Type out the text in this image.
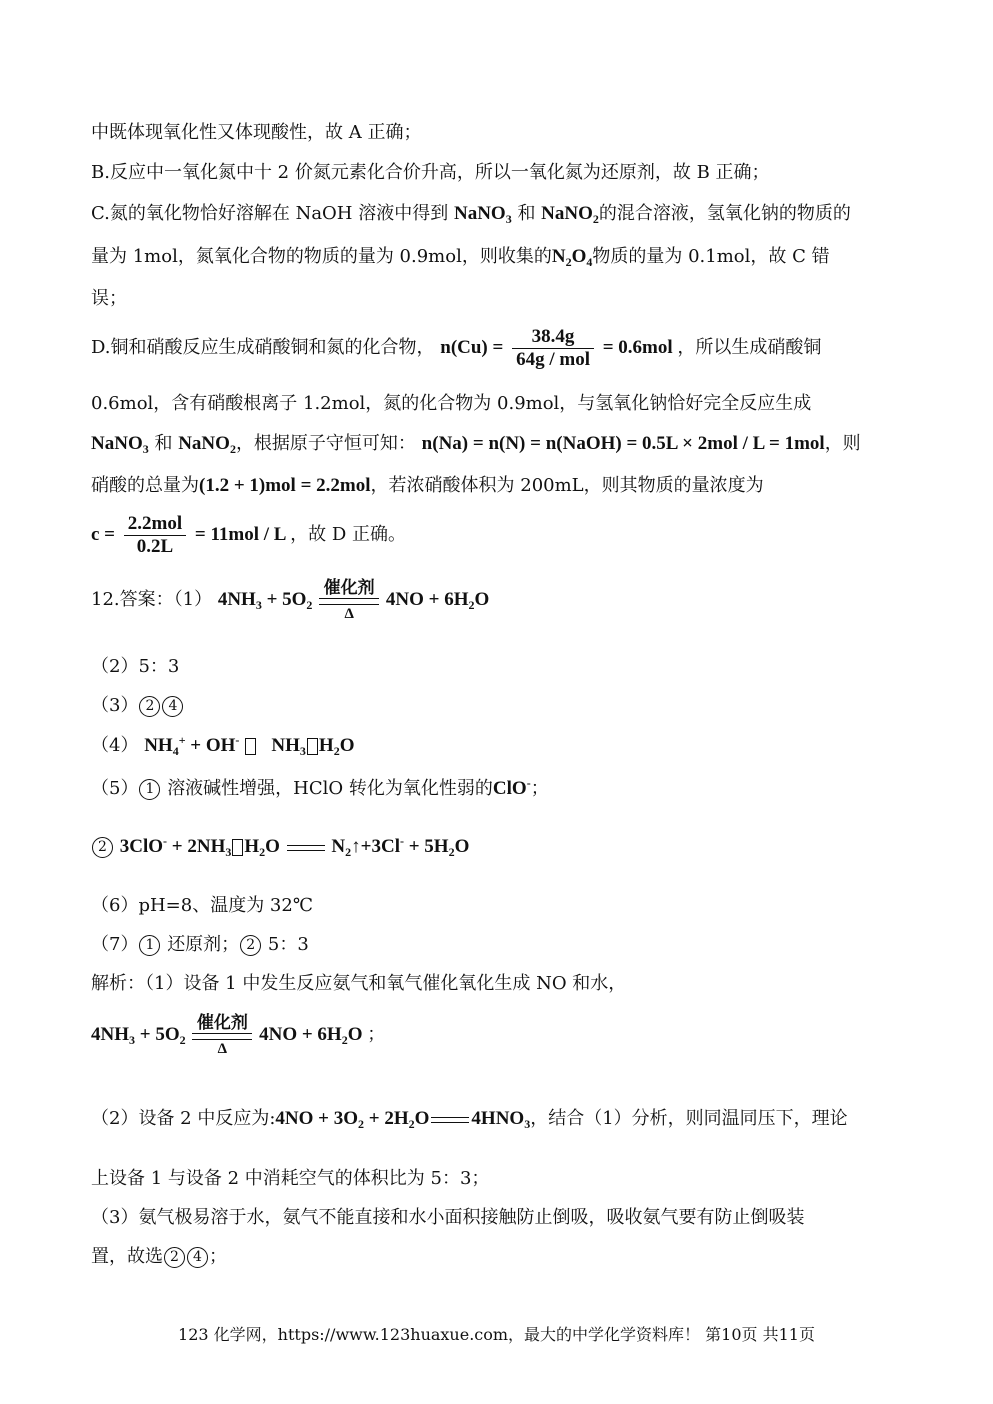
中既体现氧化性又体现酸性，故 A 正确；
B.反应中一氧化氮中十 2 价氮元素化合价升高，所以一氧化氮为还原剂，故 B 正确；
C.氮的氧化物恰好溶解在 NaOH 溶液中得到 NaNO$_3$ 和 NaNO$_2$的混合溶液，氢氧化钠的物质的
量为 1mol，氮氧化合物的物质的量为 0.9mol，则收集的$N_2O_4$物质的量为 0.1mol，故 C 错
误；
D.铜和硝酸反应生成硝酸铜和氮的化合物， $n(Cu) = \frac{38.4g}{\text{64g / mol}} = 0.6mol$ ，所以生成硝酸铜
0.6mol，含有硝酸根离子 1.2mol，氮的化合物为 0.9mol，与氢氧化钠恰好完全反应生成
NaNO$_3$ 和 NaNO$_2$，根据原子守恒可知： n(Na) = n(N) = n(NaOH) = 0.5L × 2mol / L = 1mol，则
硝酸的总量为(1.2 + 1)mol = 2.2mol，若浓硝酸体积为 200mL，则其物质的量浓度为
$c = \frac{\text{2.2mol}}{0.2L} = 11mol / L$ ，故 D 正确。
12.答案：（1） $4NH_3 + 5O_2$
催化剂
Δ
$4NO + 6H_2O$
（2）5：3
（3） 2 4
（4） $NH_4^+ + OH^-$ $NH_3$ $H_2O$
（5） 1 溶液碱性增强，HClO 转化为氧化性弱的ClO-；
2 $3ClO^- + 2NH_3$ $H_2O$	$N_2↑+3Cl^- + 5H_2O$
（6）pH=8、温度为 32℃
（7） 1 还原剂； 2 5：3
解析：（1）设备 1 中发生反应氨气和氧气催化氧化生成 NO 和水，
$4NH_3 + 5O_2$
催化剂
Δ
$4NO + 6H_2O$ ；
（2）设备 2 中反应为:4NO + $3O_2 + 2H_2O$ $4HNO_3$，结合（1）分析，则同温同压下，理论
上设备 1 与设备 2 中消耗空气的体积比为 5：3；
（3）氨气极易溶于水，氨气不能直接和水小面积接触防止倒吸，吸收氨气要有防止倒吸装
置，故选 2 4 ；
123 化学网，https://www.123huaxue.com，最大的中学化学资料库！ 第10页 共11页
